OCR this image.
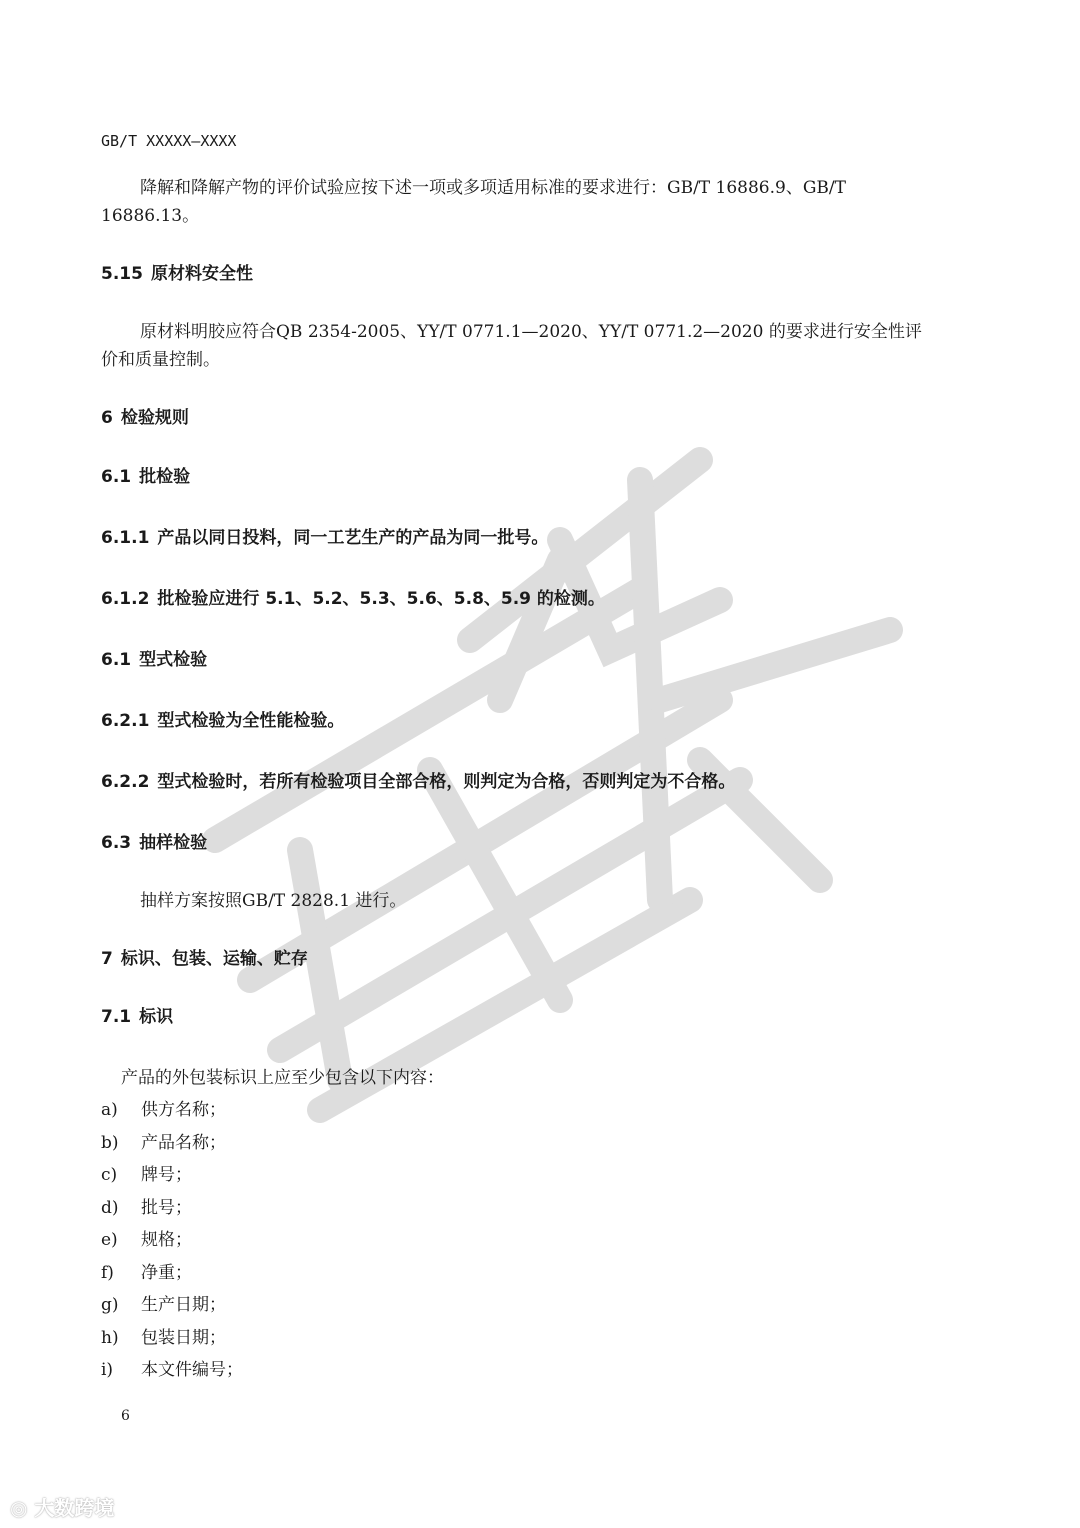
GB/T XXXXX—XXXX
降解和降解产物的评价试验应按下述一项或多项适用标准的要求进行：GB/T 16886.9、GB/T
16886.13。
5.15 原材料安全性
原材料明胶应符合QB 2354-2005、YY/T 0771.1—2020、YY/T 0771.2—2020 的要求进行安全性评
价和质量控制。
6 检验规则
6.1 批检验
6.1.1 产品以同日投料，同一工艺生产的产品为同一批号。
6.1.2 批检验应进行 5.1、5.2、5.3、5.6、5.8、5.9 的检测。
6.1 型式检验
6.2.1 型式检验为全性能检验。
6.2.2 型式检验时，若所有检验项目全部合格，则判定为合格，否则判定为不合格。
6.3 抽样检验
抽样方案按照GB/T 2828.1 进行。
7 标识、包装、运输、贮存
7.1 标识
产品的外包装标识上应至少包含以下内容：
a) 供方名称；
b) 产品名称；
c) 牌号；
d) 批号；
e) 规格；
f) 净重；
g) 生产日期；
h) 包装日期；
i) 本文件编号；
6
◎ 大数跨境
